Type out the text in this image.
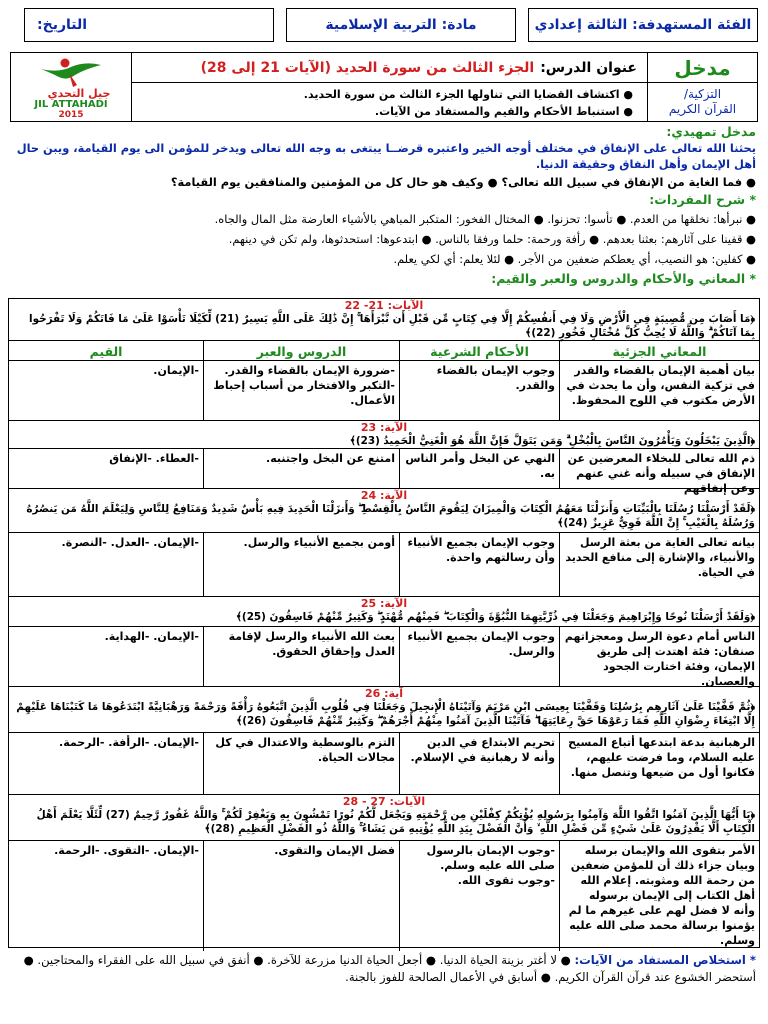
الفئة المستهدفة: الثالثة إعدادي
مادة: التربية الإسلامية
التاريخ:
مدخل
التزكية/
القرآن الكريم
عنوان الدرس:
الجزء الثالث من سورة الحديد (الآيات 21 إلى 28)
● اكتشاف القضايا التي تناولها الجزء الثالث من سورة الحديد.
● استنباط الأحكام والقيم والمستفاد من الآيات.
جيل التحدي
JIL ATTAHADI
2015
مدخل تمهيدي:
يحثنا الله تعالى على الإنفاق في مختلف أوجه الخير واعتبره قرضــا يبتغى به وجه الله تعالى ويدخر للمؤمن الى يوم القيامة، ويبن حال أهل الإيمان وأهل النفاق وحقيقة الدنيا.
● فما الغاية من الإنفاق في سبيل الله تعالى؟ ● وكيف هو حال كل من المؤمنين والمنافقين يوم القيامة؟
* شرح المفردات:
● نبرأها: نخلقها من العدم. ● تأسوا: تحزنوا. ● المختال الفخور: المتكبر المباهي بالأشياء العارضة مثل المال والجاه.
● قفينا على آثارهم: بعثنا بعدهم. ● رأفة ورحمة: حلما ورفقا بالناس. ● ابتدعوها: استحدثوها، ولم تكن في دينهم.
● كفلين: هو النصيب، أي يعطكم ضعفين من الأجر. ● لئلا يعلم: أي لكي يعلم.
* المعاني والأحكام والدروس والعبر والقيم:
الآيات: 21- 22
﴿مَا أَصَابَ مِن مُّصِيبَةٍ فِي الْأَرْضِ وَلَا فِي أَنفُسِكُمْ إِلَّا فِي كِتَابٍ مِّن قَبْلِ أَن نَّبْرَأَهَا ۚ إِنَّ ذَٰلِكَ عَلَى اللَّهِ يَسِيرٌ (21) لِّكَيْلَا تَأْسَوْا عَلَىٰ مَا فَاتَكُمْ وَلَا تَفْرَحُوا بِمَا آتَاكُمْ ۗ وَاللَّهُ لَا يُحِبُّ كُلَّ مُخْتَالٍ فَخُورٍ (22)﴾
المعاني الجزئية
الأحكام الشرعية
الدروس والعبر
القيم
بيان أهمية الإيمان بالقضاء والقدر في تزكية النفس، وأن ما يحدث في الأرض مكتوب في اللوح المحفوظ.
وجوب الإيمان بالقضاء والقدر.
-ضرورة الإيمان بالقضاء والقدر. -التكبر والافتخار من أسباب إحباط الأعمال.
-الإيمان.
الآية: 23
﴿الَّذِينَ يَبْخَلُونَ وَيَأْمُرُونَ النَّاسَ بِالْبُخْلِ ۗ وَمَن يَتَوَلَّ فَإِنَّ اللَّهَ هُوَ الْغَنِيُّ الْحَمِيدُ (23)﴾
ذم الله تعالى للبخلاء المعرضين عن الإنفاق في سبيله وأنه غني عنهم وعن إنفاقهم
النهي عن البخل وأمر الناس به.
امتنع عن البخل واجتنبه.
-العطاء. -الإنفاق
الآية: 24
﴿لَقَدْ أَرْسَلْنَا رُسُلَنَا بِالْبَيِّنَاتِ وَأَنزَلْنَا مَعَهُمُ الْكِتَابَ وَالْمِيزَانَ لِيَقُومَ النَّاسُ بِالْقِسْطِ ۖ وَأَنزَلْنَا الْحَدِيدَ فِيهِ بَأْسٌ شَدِيدٌ وَمَنَافِعُ لِلنَّاسِ وَلِيَعْلَمَ اللَّهُ مَن يَنصُرُهُ وَرُسُلَهُ بِالْغَيْبِ ۚ إِنَّ اللَّهَ قَوِيٌّ عَزِيزٌ (24)﴾
بيانه تعالى الغاية من بعثة الرسل والأنبياء، والإشارة إلى منافع الحديد في الحياة.
وجوب الإيمان بجميع الأنبياء وأن رسالتهم واحدة.
أومن بجميع الأنبياء والرسل.
-الإيمان. -العدل. -النصرة.
الآية: 25
﴿وَلَقَدْ أَرْسَلْنَا نُوحًا وَإِبْرَاهِيمَ وَجَعَلْنَا فِي ذُرِّيَّتِهِمَا النُّبُوَّةَ وَالْكِتَابَ ۖ فَمِنْهُم مُّهْتَدٍ ۖ وَكَثِيرٌ مِّنْهُمْ فَاسِقُونَ (25)﴾
الناس أمام دعوة الرسل ومعجزاتهم صنفان: فئة اهتدت إلى طريق الإيمان، وفئة اختارت الجحود والعصيان.
وجوب الإيمان بجميع الأنبياء والرسل.
بعث الله الأنبياء والرسل لإقامة العدل وإحقاق الحقوق.
-الإيمان. -الهداية.
آية: 26
﴿ثُمَّ قَفَّيْنَا عَلَىٰ آثَارِهِم بِرُسُلِنَا وَقَفَّيْنَا بِعِيسَى ابْنِ مَرْيَمَ وَآتَيْنَاهُ الْإِنجِيلَ وَجَعَلْنَا فِي قُلُوبِ الَّذِينَ اتَّبَعُوهُ رَأْفَةً وَرَحْمَةً وَرَهْبَانِيَّةً ابْتَدَعُوهَا مَا كَتَبْنَاهَا عَلَيْهِمْ إِلَّا ابْتِغَاءَ رِضْوَانِ اللَّهِ فَمَا رَعَوْهَا حَقَّ رِعَايَتِهَا ۖ فَآتَيْنَا الَّذِينَ آمَنُوا مِنْهُمْ أَجْرَهُمْ ۖ وَكَثِيرٌ مِّنْهُمْ فَاسِقُونَ (26)﴾
الرهبانية بدعة ابتدعها أتباع المسيح عليه السلام، وما فرضت عليهم، فكانوا أول من ضيعها وتنصل منها.
تحريم الابتداع في الدين وأنه لا رهبانية في الإسلام.
التزم بالوسطية والاعتدال في كل مجالات الحياة.
-الإيمان. -الرأفة. -الرحمة.
الآيات: 27 - 28
﴿يَا أَيُّهَا الَّذِينَ آمَنُوا اتَّقُوا اللَّهَ وَآمِنُوا بِرَسُولِهِ يُؤْتِكُمْ كِفْلَيْنِ مِن رَّحْمَتِهِ وَيَجْعَل لَّكُمْ نُورًا تَمْشُونَ بِهِ وَيَغْفِرْ لَكُمْ ۚ وَاللَّهُ غَفُورٌ رَّحِيمٌ (27) لِّئَلَّا يَعْلَمَ أَهْلُ الْكِتَابِ أَلَّا يَقْدِرُونَ عَلَىٰ شَيْءٍ مِّن فَضْلِ اللَّهِ ۙ وَأَنَّ الْفَضْلَ بِيَدِ اللَّهِ يُؤْتِيهِ مَن يَشَاءُ ۚ وَاللَّهُ ذُو الْفَضْلِ الْعَظِيمِ (28)﴾
الأمر بتقوى الله والإيمان برسله وبيان جزاء ذلك أن للمؤمن ضعفين من رحمة الله ومثوبته. إعلام الله أهل الكتاب إلى الإيمان برسوله وأنه لا فضل لهم على غيرهم ما لم يؤمنوا برسالة محمد صلى الله عليه وسلم.
-وجوب الإيمان بالرسول صلى الله عليه وسلم. -وجوب تقوى الله.
فضل الإيمان والتقوى.
-الإيمان. -التقوى. -الرحمة.
* استخلاص المستفاد من الآيات: ● لا أغتر بزينة الحياة الدنيا. ● أجعل الحياة الدنيا مزرعة للآخرة. ● أنفق في سبيل الله على الفقراء والمحتاجين. ● أستحضر الخشوع عند قرآن القرآن الكريم. ● أسابق في الأعمال الصالحة للفوز بالجنة.
